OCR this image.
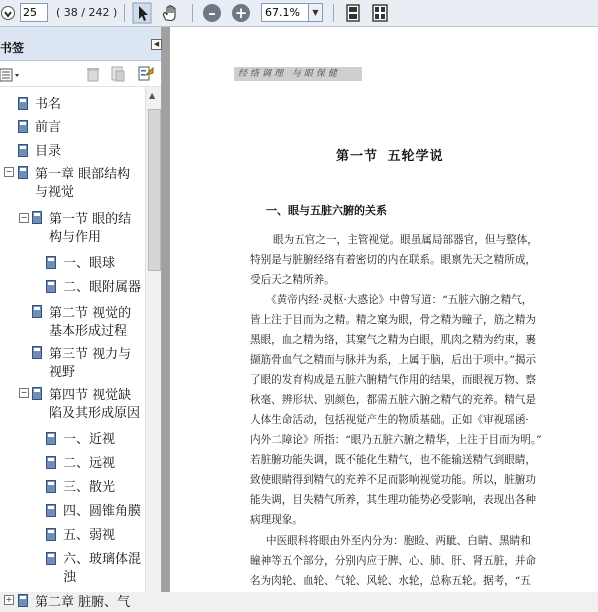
25
( 38 / 242 )	–	+
67.1%	▼
书签	◀
书名
前言
目录
− 第一章 眼部结构
与视觉
− 第一节 眼的结
构与作用
一、眼球
二、眼附属器
第二节 视觉的
基本形成过程
第三节 视力与
视野
− 第四节 视觉缺
陷及其形成原因
一、近视
二、远视
三、散光
四、圆锥角膜
五、弱视
六、玻璃体混
浊
+ 第二章 脏腑、气
▲
经络调理 与眼保健
第一节 五轮学说
一、眼与五脏六腑的关系
眼为五官之一，主管视觉。眼虽属局部器官，但与整体，
特别是与脏腑经络有着密切的内在联系。眼禀先天之精所成，
受后天之精所养。
《黄帝内经·灵枢·大惑论》中曾写道：“五脏六腑之精气，
皆上注于目而为之精。精之窠为眼，骨之精为瞳子，筋之精为
黑眼，血之精为络，其窠气之精为白眼，肌肉之精为约束，裹
撷筋骨血气之精而与脉并为系，上属于脑，后出于项中。”揭示
了眼的发育构成是五脏六腑精气作用的结果，而眼视万物、察
秋毫、辨形状、别颜色，都需五脏六腑之精气的充养。精气是
人体生命活动，包括视觉产生的物质基础。正如《审视瑶函·
内外二障论》所指：“眼乃五脏六腑之精华，上注于目而为明。”
若脏腑功能失调，既不能化生精气，也不能输送精气到眼睛，
致使眼睛得到精气的充养不足而影响视觉功能。所以，脏腑功
能失调，目失精气所养，其生理功能势必受影响，表现出各种
病理现象。
中医眼科将眼由外至内分为：胞睑、两眦、白睛、黑睛和
瞳神等五个部分，分别内应于脾、心、肺、肝、肾五脏，并命
名为肉轮、血轮、气轮、风轮、水轮，总称五轮。据考，“五
